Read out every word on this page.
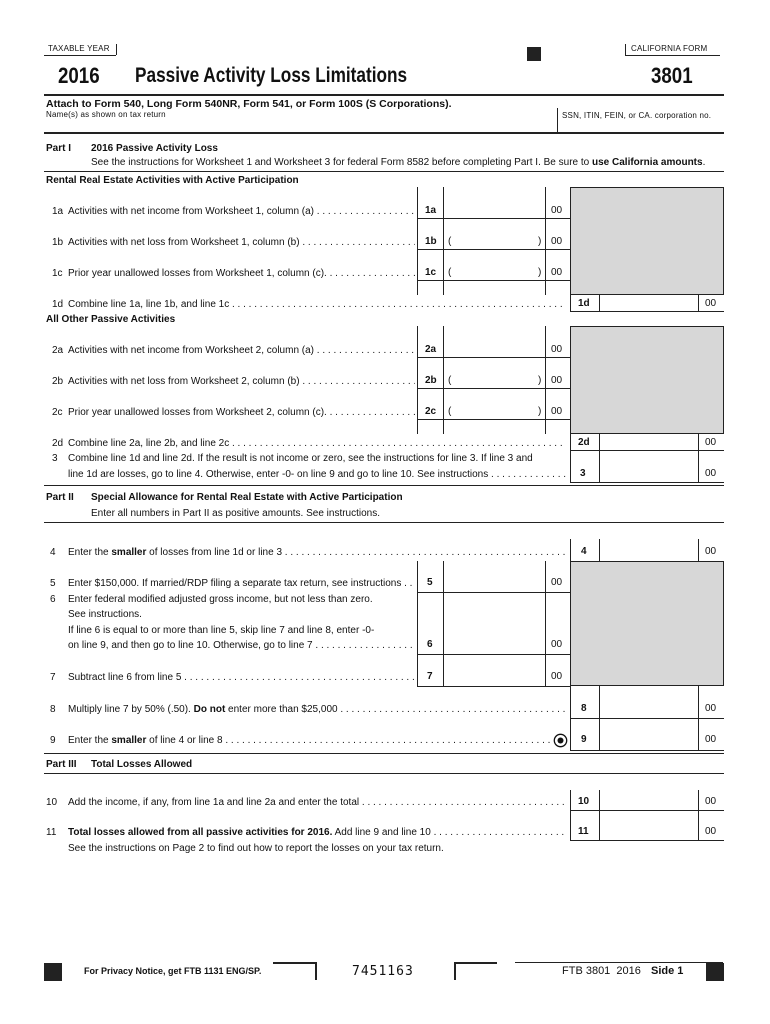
TAXABLE YEAR	CALIFORNIA FORM
2016 Passive Activity Loss Limitations	3801
Attach to Form 540, Long Form 540NR, Form 541, or Form 100S (S Corporations).
Name(s) as shown on tax return	SSN, ITIN, FEIN, or CA. corporation no.
Part I 2016 Passive Activity Loss
See the instructions for Worksheet 1 and Worksheet 3 for federal Form 8582 before completing Part I. Be sure to use California amounts.
Rental Real Estate Activities with Active Participation
1a Activities with net income from Worksheet 1, column (a) . . .	1a	00
1b Activities with net loss from Worksheet 1, column (b) . . .	1b (	) 00
1c Prior year unallowed losses from Worksheet 1, column (c). . . .	1c (	) 00
1d Combine line 1a, line 1b, and line 1c . . .	1d	00
All Other Passive Activities
2a Activities with net income from Worksheet 2, column (a) . . .	2a	00
2b Activities with net loss from Worksheet 2, column (b) . . .	2b (	) 00
2c Prior year unallowed losses from Worksheet 2, column (c). . . .	2c (	) 00
2d Combine line 2a, line 2b, and line 2c . . .	2d	00
3 Combine line 1d and line 2d. If the result is not income or zero, see the instructions for line 3. If line 3 and
line 1d are losses, go to line 4. Otherwise, enter -0- on line 9 and go to line 10. See instructions . . .	3	00
Part II Special Allowance for Rental Real Estate with Active Participation
Enter all numbers in Part II as positive amounts. See instructions.
4 Enter the smaller of losses from line 1d or line 3 . . .	4	00
5 Enter $150,000. If married/RDP filing a separate tax return, see instructions . . .	5	00
6 Enter federal modified adjusted gross income, but not less than zero.
See instructions.
If line 6 is equal to or more than line 5, skip line 7 and line 8, enter -0-
on line 9, and then go to line 10. Otherwise, go to line 7 . . .	6	00
7 Subtract line 6 from line 5 . . .	7	00
8 Multiply line 7 by 50% (.50). Do not enter more than $25,000 . . .	8	00
9 Enter the smaller of line 4 or line 8 . . .	9	00
Part III Total Losses Allowed
10 Add the income, if any, from line 1a and line 2a and enter the total . . .	10	00
11 Total losses allowed from all passive activities for 2016. Add line 9 and line 10 . . .	11	00
See the instructions on Page 2 to find out how to report the losses on your tax return.
For Privacy Notice, get FTB 1131 ENG/SP.	7451163	FTB 3801  2016 Side 1
